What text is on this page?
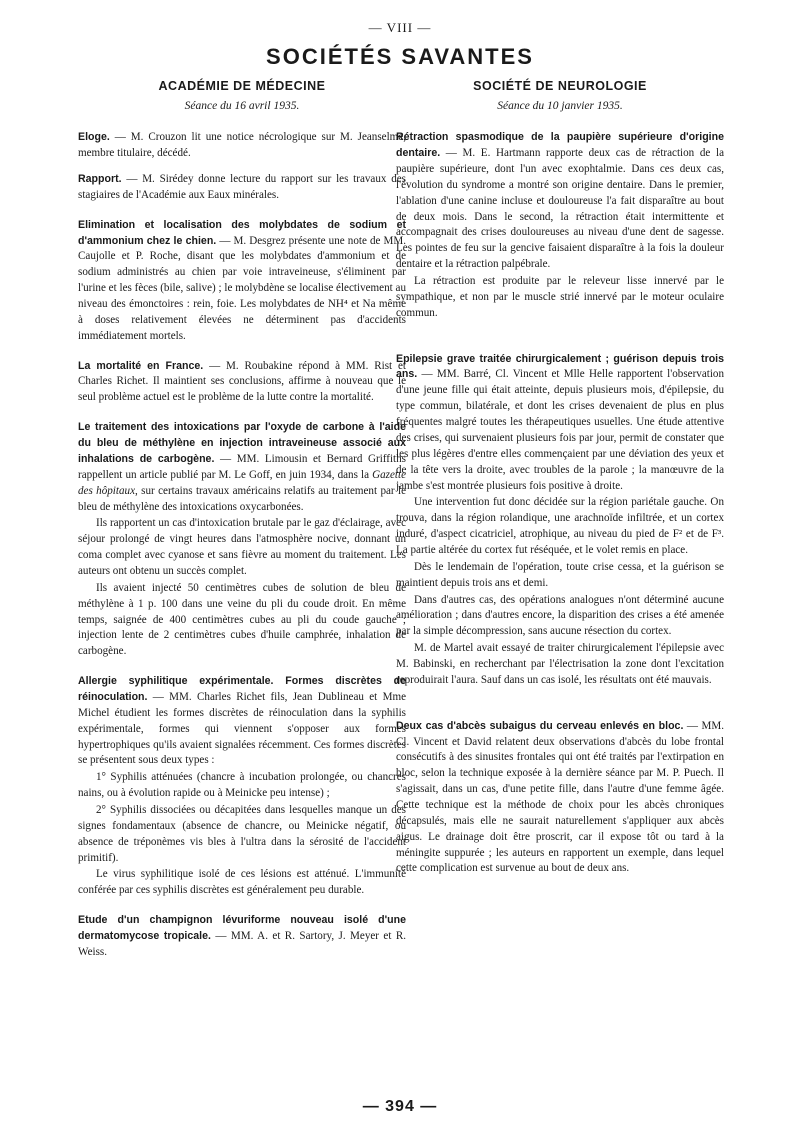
— VIII —
SOCIÉTÉS SAVANTES

ACADÉMIE DE MÉDECINE

Séance du 16 avril 1935.

Eloge. — M. Crouzon lit une notice nécrologique sur M. Jeanselme, membre titulaire, décédé.

Rapport. — M. Sirédey donne lecture du rapport sur les travaux des stagiaires de l'Académie aux Eaux minérales.

Elimination et localisation des molybdates de sodium et d'ammonium chez le chien. — M. Desgrez présente une note de MM. Caujolle et P. Roche, disant que les molybdates d'ammonium et de sodium administrés au chien par voie intraveineuse, s'éliminent par l'urine et les fèces (bile, salive) ; le molybdène se localise électivement au niveau des émonctoires : rein, foie. Les molybdates de NH⁴ et Na même à doses relativement élevées ne déterminent pas d'accidents immédiatement mortels.

La mortalité en France. — M. Roubakine répond à MM. Rist et Charles Richet. Il maintient ses conclusions, affirme à nouveau que le seul problème actuel est le problème de la lutte contre la mortalité.

Le traitement des intoxications par l'oxyde de carbone à l'aide du bleu de méthylène en injection intraveineuse associé aux inhalations de carbogène. — MM. Limousin et Bernard Griffiths rappellent un article publié par M. Le Goff, en juin 1934, dans la Gazette des hôpitaux, sur certains travaux américains relatifs au traitement par le bleu de méthylène des intoxications oxycarbonées.

Ils rapportent un cas d'intoxication brutale par le gaz d'éclairage, avec séjour prolongé de vingt heures dans l'atmosphère nocive, donnant un coma complet avec cyanose et sans fièvre au moment du traitement. Les auteurs ont obtenu un succès complet.

Ils avaient injecté 50 centimètres cubes de solution de bleu de méthylène à 1 p. 100 dans une veine du pli du coude droit. En même temps, saignée de 400 centimètres cubes au pli du coude gauche ; injection lente de 2 centimètres cubes d'huile camphrée, inhalation de carbogène.

Allergie syphilitique expérimentale. Formes discrètes de réinoculation. — MM. Charles Richet fils, Jean Dublineau et Mme Michel étudient les formes discrètes de réinoculation dans la syphilis expérimentale, formes qui viennent s'opposer aux formes hypertrophiques qu'ils avaient signalées récemment. Ces formes discrètes se présentent sous deux types :

1° Syphilis atténuées (chancre à incubation prolongée, ou chancres nains, ou à évolution rapide ou à Meinicke peu intense) ;

2° Syphilis dissociées ou décapitées dans lesquelles manque un des signes fondamentaux (absence de chancre, ou Meinicke négatif, ou absence de tréponèmes vis bles à l'ultra dans la sérosité de l'accident primitif).

Le virus syphilitique isolé de ces lésions est atténué. L'immunité conférée par ces syphilis discrètes est généralement peu durable.

Etude d'un champignon lévuriforme nouveau isolé d'une dermatomycose tropicale. — MM. A. et R. Sartory, J. Meyer et R. Weiss.

SOCIÉTÉ DE NEUROLOGIE

Séance du 10 janvier 1935.

Rétraction spasmodique de la paupière supérieure d'origine dentaire. — M. E. Hartmann rapporte deux cas de rétraction de la paupière supérieure, dont l'un avec exophtalmie. Dans ces deux cas, l'évolution du syndrome a montré son origine dentaire. Dans le premier, l'ablation d'une canine incluse et douloureuse l'a fait disparaître au bout de deux mois. Dans le second, la rétraction était intermittente et accompagnait des crises douloureuses au niveau d'une dent de sagesse. Les pointes de feu sur la gencive faisaient disparaître à la fois la douleur dentaire et la rétraction palpébrale.

La rétraction est produite par le releveur lisse innervé par le sympathique, et non par le muscle strié innervé par le moteur oculaire commun.

Epilepsie grave traitée chirurgicalement ; guérison depuis trois ans. — MM. Barré, Cl. Vincent et Mlle Helle rapportent l'observation d'une jeune fille qui était atteinte, depuis plusieurs mois, d'épilepsie, du type commun, bilatérale, et dont les crises devenaient de plus en plus fréquentes malgré toutes les thérapeutiques usuelles. Une étude attentive des crises, qui survenaient plusieurs fois par jour, permit de constater que les plus légères d'entre elles commençaient par une déviation des yeux et de la tête vers la droite, avec troubles de la parole ; la manœuvre de la jambe s'est montrée plusieurs fois positive à droite.

Une intervention fut donc décidée sur la région pariétale gauche. On trouva, dans la région rolandique, une arachnoïde infiltrée, et un cortex induré, d'aspect cicatriciel, atrophique, au niveau du pied de F² et de F³. La partie altérée du cortex fut réséquée, et le volet remis en place.

Dès le lendemain de l'opération, toute crise cessa, et la guérison se maintient depuis trois ans et demi.

Dans d'autres cas, des opérations analogues n'ont déterminé aucune amélioration ; dans d'autres encore, la disparition des crises a été amenée par la simple décompression, sans aucune résection du cortex.

M. de Martel avait essayé de traiter chirurgicalement l'épilepsie avec M. Babinski, en recherchant par l'électrisation la zone dont l'excitation reproduirait l'aura. Sauf dans un cas isolé, les résultats ont été mauvais.

Deux cas d'abcès subaigus du cerveau enlevés en bloc. — MM. Cl. Vincent et David relatent deux observations d'abcès du lobe frontal consécutifs à des sinusites frontales qui ont été traités par l'extirpation en bloc, selon la technique exposée à la dernière séance par M. P. Puech. Il s'agissait, dans un cas, d'une petite fille, dans l'autre d'une femme âgée. Cette technique est la méthode de choix pour les abcès chroniques décapsulés, mais elle ne saurait naturellement s'appliquer aux abcès aigus. Le drainage doit être proscrit, car il expose tôt ou tard à la méningite suppurée ; les auteurs en rapportent un exemple, dans lequel cette complication est survenue au bout de deux ans.

— 394 —
